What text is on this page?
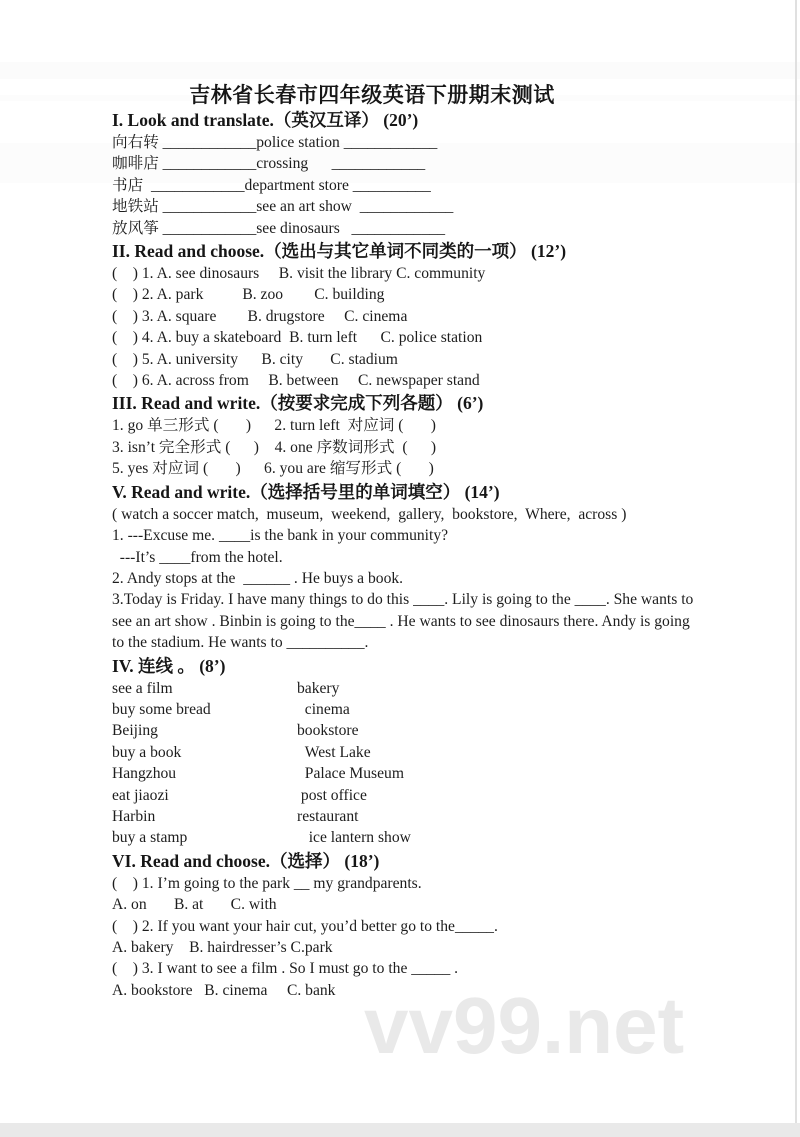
vv99.net
吉林省长春市四年级英语下册期末测试
I. Look and translate.（英汉互译） (20’)
向右转 ____________police station ____________
咖啡店 ____________crossing      ____________
书店  ____________department store __________
地铁站 ____________see an art show  ____________
放风筝 ____________see dinosaurs   ____________
II. Read and choose.（选出与其它单词不同类的一项） (12’)
(    ) 1. A. see dinosaurs     B. visit the library C. community
(    ) 2. A. park          B. zoo        C. building
(    ) 3. A. square        B. drugstore     C. cinema
(    ) 4. A. buy a skateboard  B. turn left      C. police station
(    ) 5. A. university      B. city       C. stadium
(    ) 6. A. across from     B. between     C. newspaper stand
III. Read and write.（按要求完成下列各题） (6’)
1. go 单三形式 (       )      2. turn left  对应词 (       )
3. isn’t 完全形式 (      )    4. one 序数词形式  (      )
5. yes 对应词 (       )      6. you are 缩写形式 (       )
V. Read and write.（选择括号里的单词填空） (14’)
( watch a soccer match,  museum,  weekend,  gallery,  bookstore,  Where,  across )
1. ---Excuse me. ____is the bank in your community?
---It’s ____from the hotel.
2. Andy stops at the  ______ . He buys a book.
3.Today is Friday. I have many things to do this ____. Lily is going to the ____. She wants to see an art show . Binbin is going to the____ . He wants to see dinosaurs there. Andy is going to the stadium. He wants to __________.
IV. 连线 。 (8’)
see a film	bakery
buy some bread	cinema
Beijing	bookstore
buy a book	West Lake
Hangzhou	Palace Museum
eat jiaozi	post office
Harbin	restaurant
buy a stamp	ice lantern show
VI. Read and choose.（选择） (18’)
(    ) 1. I’m going to the park __ my grandparents.
A. on       B. at       C. with
(    ) 2. If you want your hair cut, you’d better go to the_____.
A. bakery    B. hairdresser’s C.park
(    ) 3. I want to see a film . So I must go to the _____ .
A. bookstore   B. cinema     C. bank
